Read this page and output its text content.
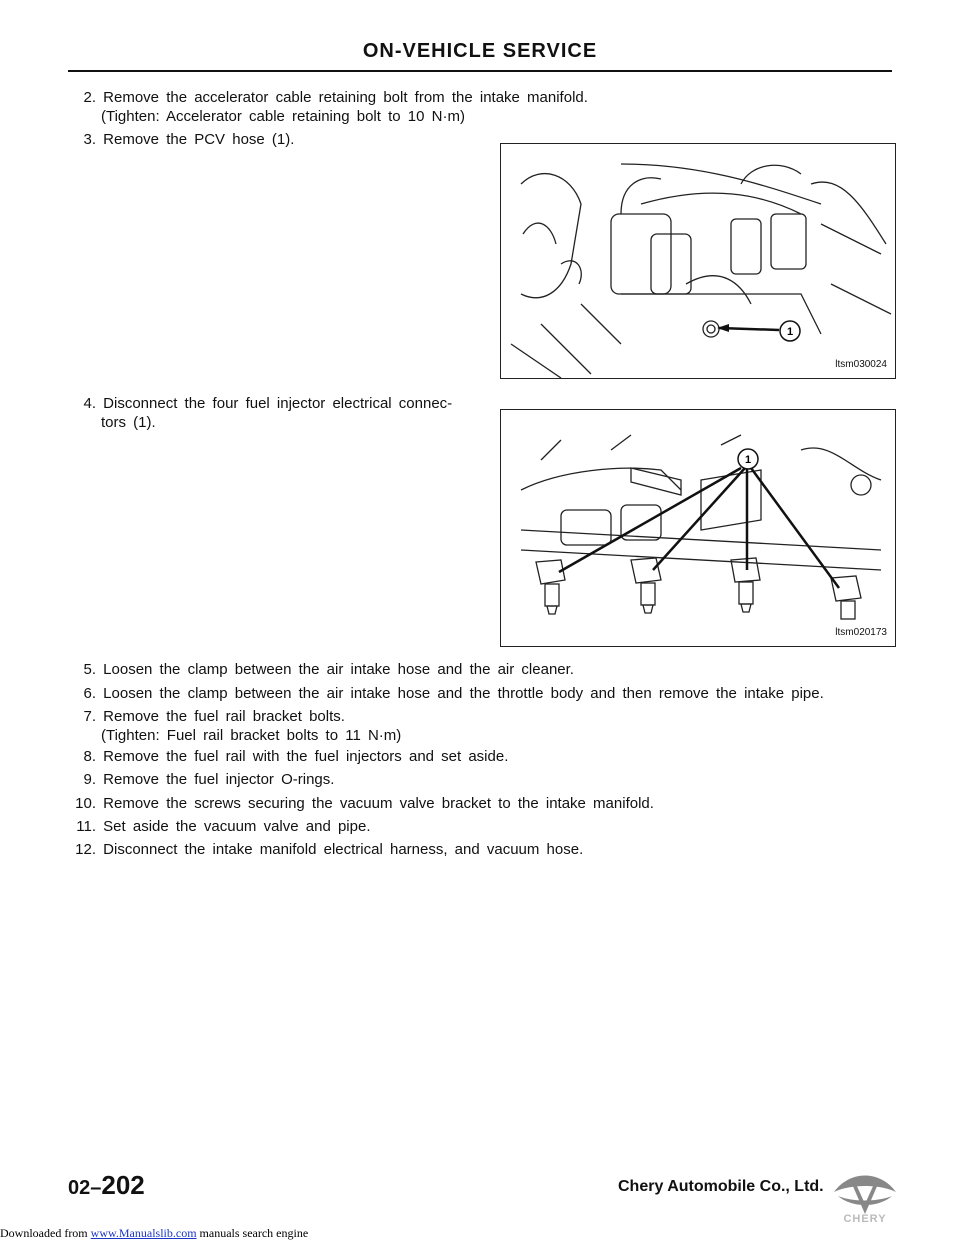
ON-VEHICLE SERVICE
2. Remove the accelerator cable retaining bolt from the intake manifold.
(Tighten: Accelerator cable retaining bolt to 10 N·m)
3. Remove the PCV hose (1).
1
ltsm030024
4. Disconnect the four fuel injector electrical connec-
tors (1).
1
ltsm020173
5. Loosen the clamp between the air intake hose and the air cleaner.
6. Loosen the clamp between the air intake hose and the throttle body and then remove the intake pipe.
7. Remove the fuel rail bracket bolts.
(Tighten: Fuel rail bracket bolts to 11 N·m)
8. Remove the fuel rail with the fuel injectors and set aside.
9. Remove the fuel injector O-rings.
10. Remove the screws securing the vacuum valve bracket to the intake manifold.
11. Set aside the vacuum valve and pipe.
12. Disconnect the intake manifold electrical harness, and vacuum hose.
02–202	Chery Automobile Co., Ltd.
CHERY
Downloaded from www.Manualslib.com manuals search engine
